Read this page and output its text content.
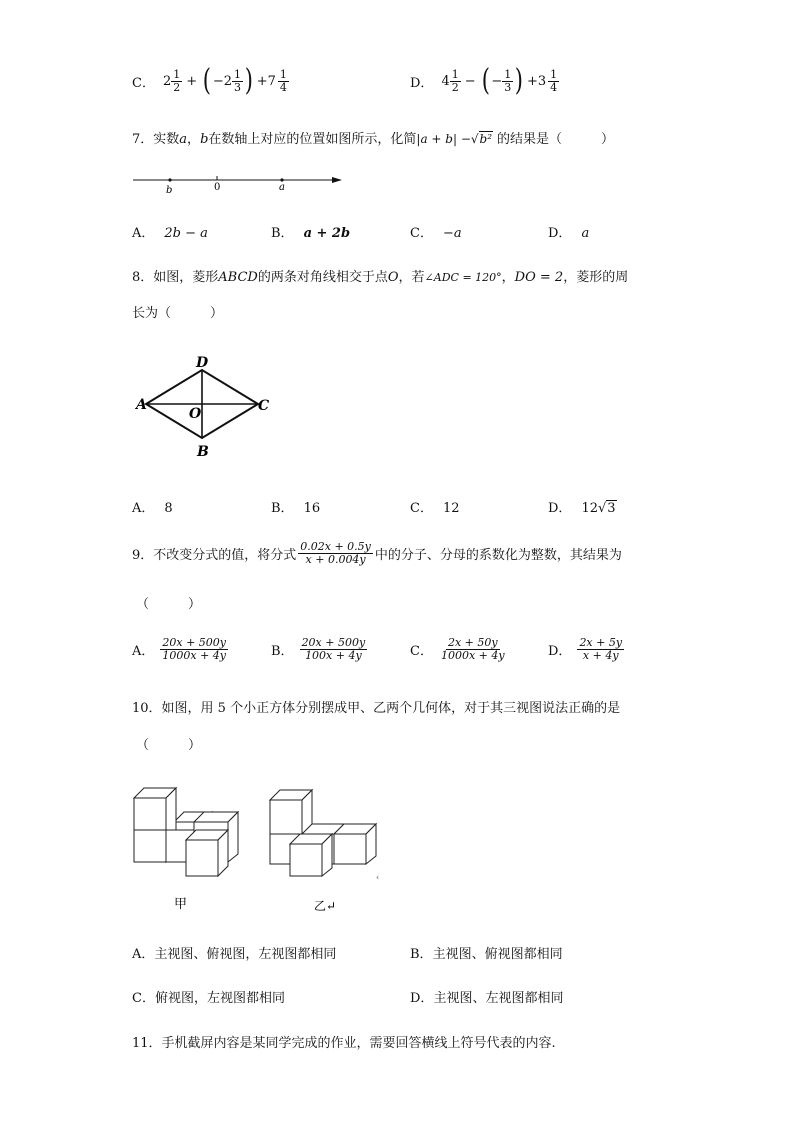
C． $2 \frac{1}{2}$ + ( $-2 \frac{1}{3}$ ) $+7 \frac{1}{4}$	D． $4 \frac{1}{2}$ − ( − $\frac{1}{3}$ ) $+3 \frac{1}{4}$
7．实数a，b在数轴上对应的位置如图所示，化简|a + b| −√b² 的结果是（　　　）
b	0	a
A． 2b − a	B． a + 2b	C． −a	D． a
8．如图，菱形ABCD的两条对角线相交于点O，若∠ADC = 120°，DO = 2，菱形的周
长为（　　　）
A
D
C
B
O
A． 8	B． 16	C． 12	D． 12√3
9．不改变分式的值，将分式 $\frac{0.02x + 0.5y}{x + 0.004y}$ 中的分子、分母的系数化为整数，其结果为
（　　　）
A． $\frac{20x + 500y}{1000x + 4y}$	B． $\frac{20x + 500y}{100x + 4y}$	C． $\frac{2x + 50y}{1000x + 4y}$	D． $\frac{2x + 5y}{x + 4y}$
10．如图，用 5 个小正方体分别摆成甲、乙两个几何体，对于其三视图说法正确的是
（　　　）
‹
甲	乙↵
A．主视图、俯视图，左视图都相同	B．主视图、俯视图都相同
C．俯视图，左视图都相同	D．主视图、左视图都相同
11．手机截屏内容是某同学完成的作业，需要回答横线上符号代表的内容.
